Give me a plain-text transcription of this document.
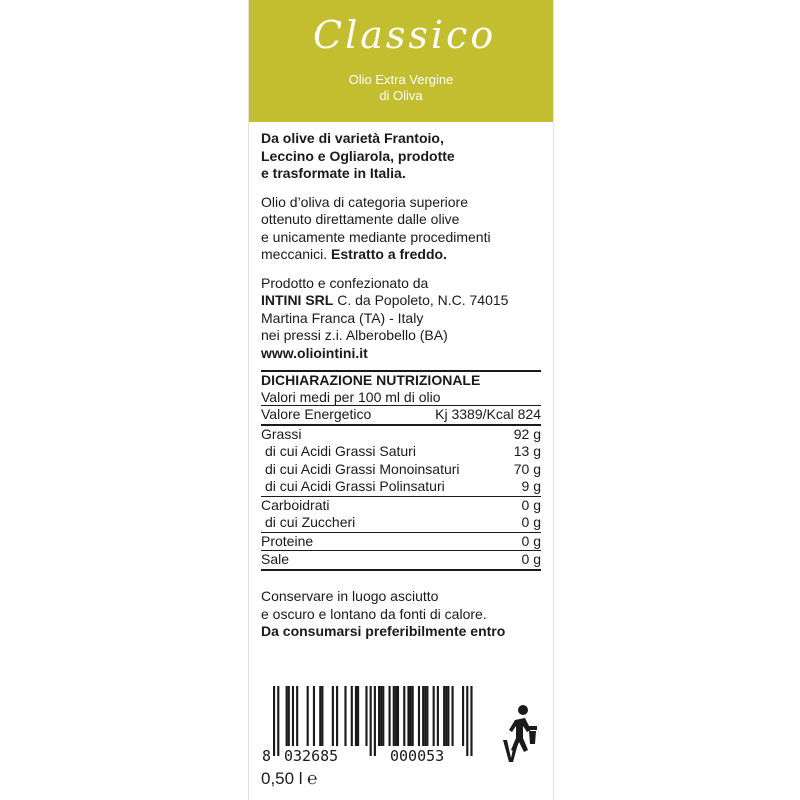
Classico
Olio Extra Vergine
di Oliva
Da olive di varietà Frantoio,
Leccino e Ogliarola, prodotte
e trasformate in Italia.
Olio d’oliva di categoria superiore
ottenuto direttamente dalle olive
e unicamente mediante procedimenti
meccanici. Estratto a freddo.
Prodotto e confezionato da
INTINI SRL C. da Popoleto, N.C. 74015
Martina Franca (TA) - Italy
nei pressi z.i. Alberobello (BA)
www.oliointini.it
DICHIARAZIONE NUTRIZIONALE
Valori medi per 100 ml di olio
Valore Energetico	Kj 3389/Kcal 824
Grassi	92 g
di cui Acidi Grassi Saturi	13 g
di cui Acidi Grassi Monoinsaturi	70 g
di cui Acidi Grassi Polinsaturi	9 g
Carboidrati	0 g
di cui Zuccheri	0 g
Proteine	0 g
Sale	0 g
Conservare in luogo asciutto
e oscuro e lontano da fonti di calore.
Da consumarsi preferibilmente entro
8 032685	000053
0,50 l ℮
